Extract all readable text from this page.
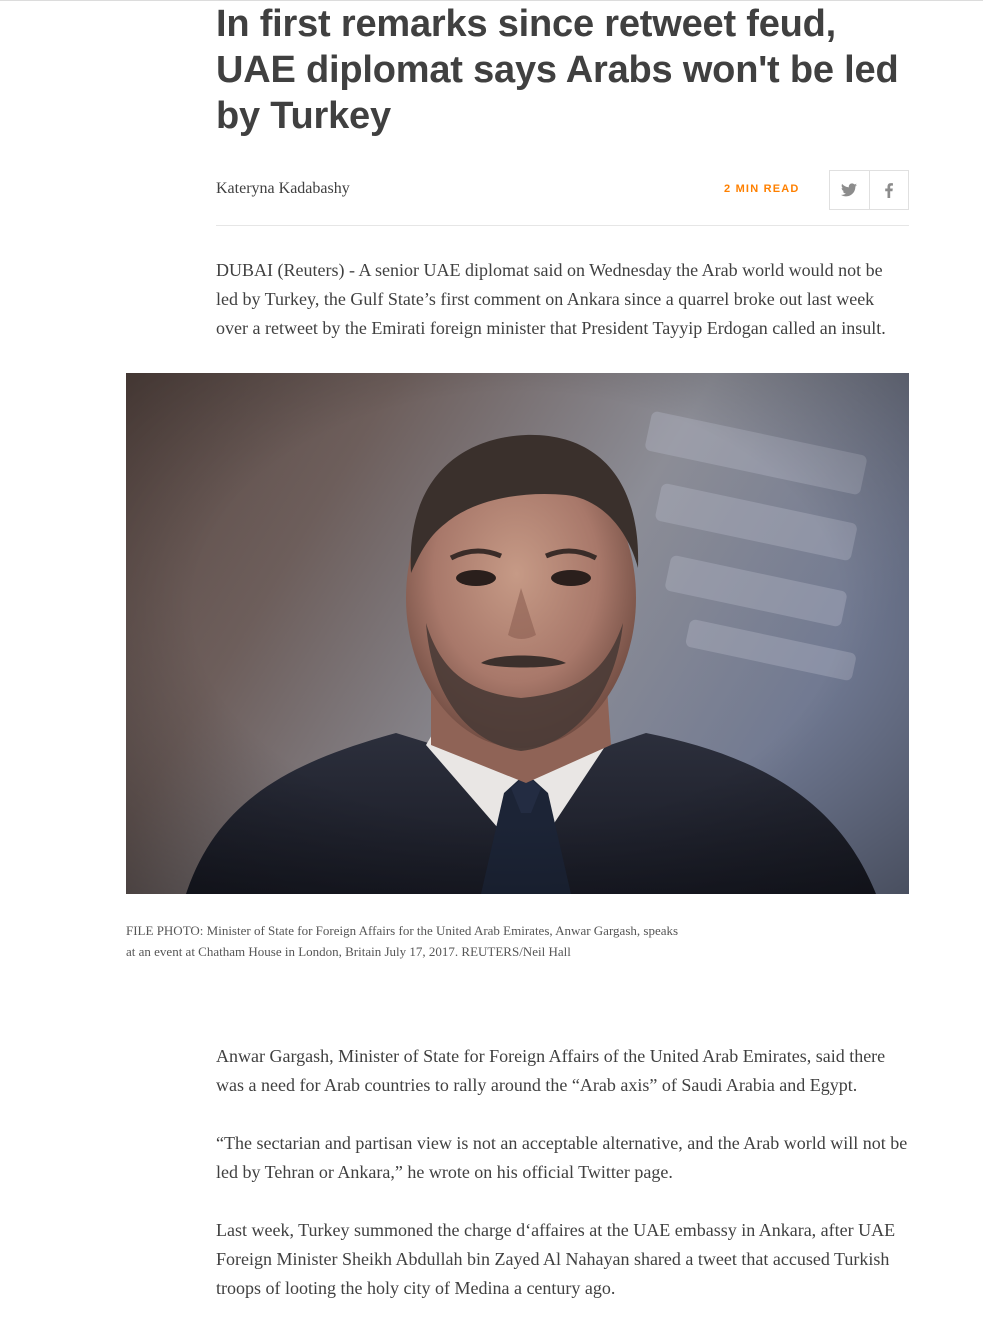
In first remarks since retweet feud, UAE diplomat says Arabs won't be led by Turkey
Kateryna Kadabashy	2 MIN READ

DUBAI (Reuters) - A senior UAE diplomat said on Wednesday the Arab world would not be led by Turkey, the Gulf State’s first comment on Ankara since a quarrel broke out last week over a retweet by the Emirati foreign minister that President Tayyip Erdogan called an insult.

FILE PHOTO: Minister of State for Foreign Affairs for the United Arab Emirates, Anwar Gargash, speaks at an event at Chatham House in London, Britain July 17, 2017. REUTERS/Neil Hall

Anwar Gargash, Minister of State for Foreign Affairs of the United Arab Emirates, said there was a need for Arab countries to rally around the “Arab axis” of Saudi Arabia and Egypt.

“The sectarian and partisan view is not an acceptable alternative, and the Arab world will not be led by Tehran or Ankara,” he wrote on his official Twitter page.

Last week, Turkey summoned the charge d‘affaires at the UAE embassy in Ankara, after UAE Foreign Minister Sheikh Abdullah bin Zayed Al Nahayan shared a tweet that accused Turkish troops of looting the holy city of Medina a century ago.
